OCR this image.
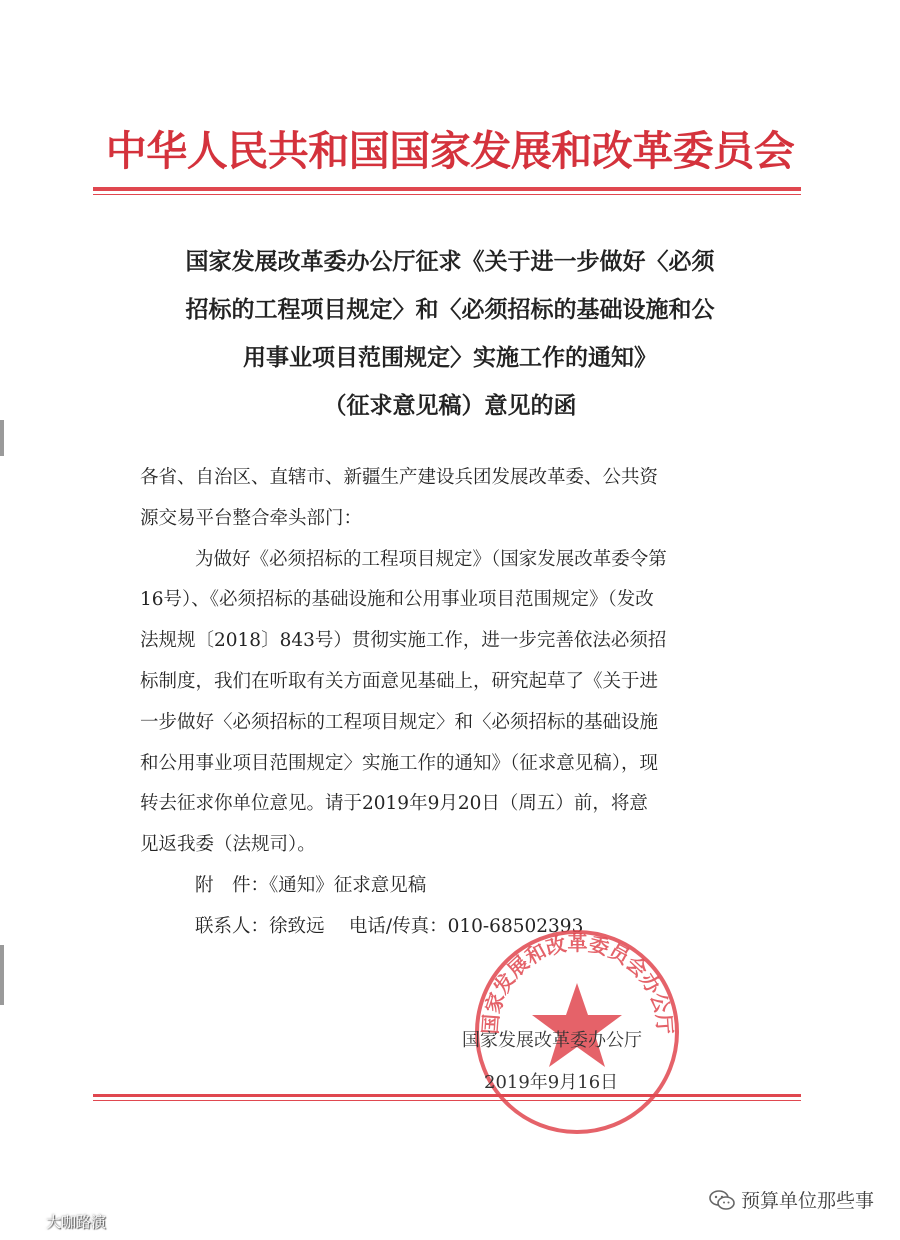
中华人民共和国国家发展和改革委员会
国家发展改革委办公厅征求《关于进一步做好〈必须
招标的工程项目规定〉和〈必须招标的基础设施和公
用事业项目范围规定〉实施工作的通知》
（征求意见稿）意见的函

各省、自治区、直辖市、新疆生产建设兵团发展改革委、公共资
源交易平台整合牵头部门：

为做好《必须招标的工程项目规定》（国家发展改革委令第
16号）、《必须招标的基础设施和公用事业项目范围规定》（发改
法规规〔2018〕843号）贯彻实施工作，进一步完善依法必须招
标制度，我们在听取有关方面意见基础上，研究起草了《关于进
一步做好〈必须招标的工程项目规定〉和〈必须招标的基础设施
和公用事业项目范围规定〉实施工作的通知》（征求意见稿），现
转去征求你单位意见。请于2019年9月20日（周五）前，将意
见返我委（法规司）。

附　件：《通知》征求意见稿

联系人：徐致远　 电话/传真：010-68502393

国家发展和改革委员会办公厅
国家发展改革委办公厅
2019年9月16日
预算单位那些事
大咖路演
